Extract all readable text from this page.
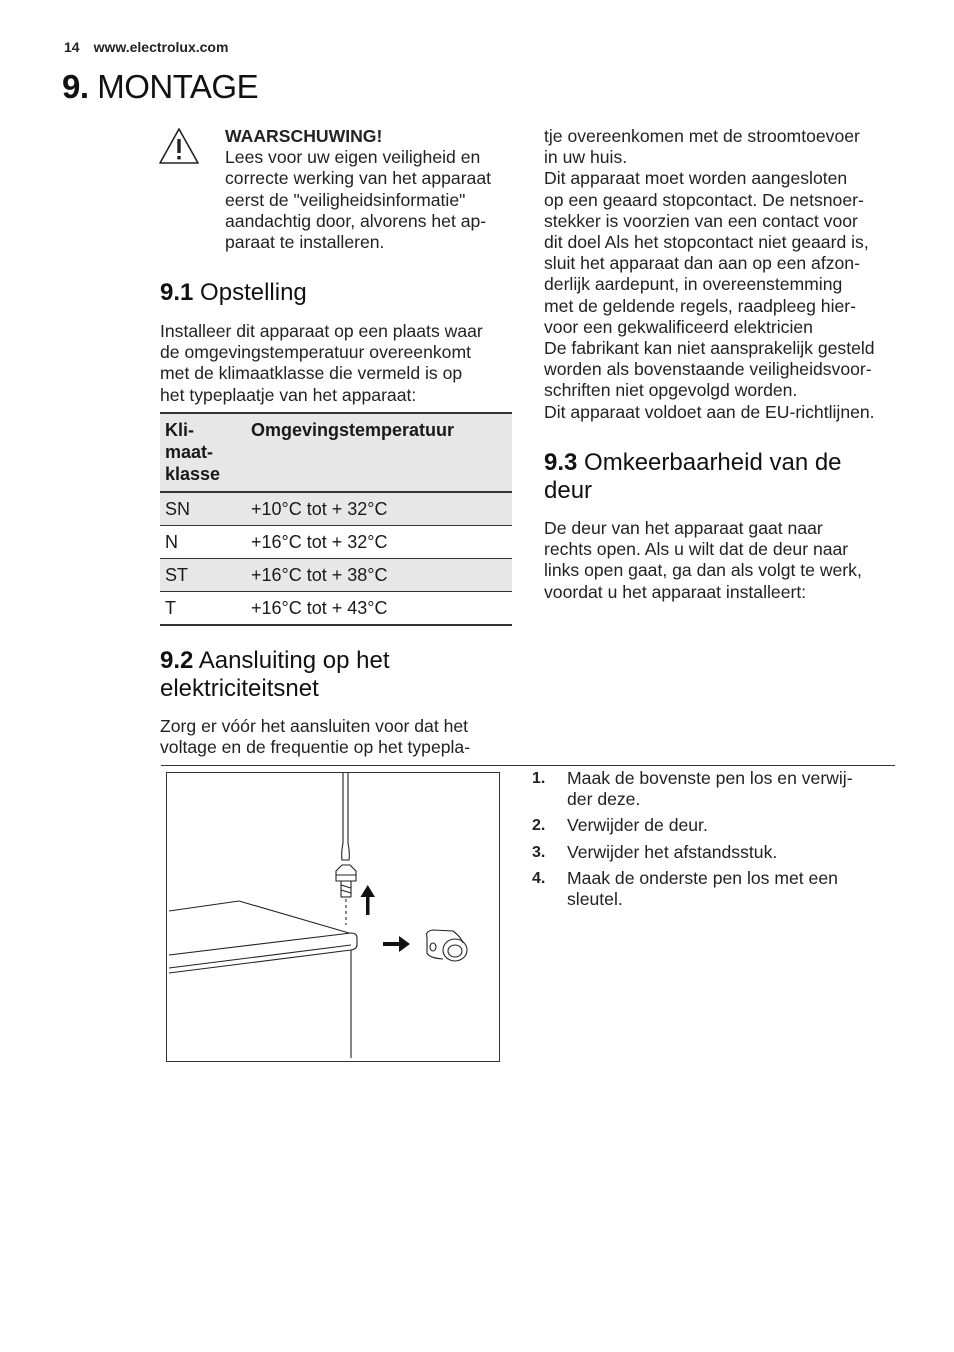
14 www.electrolux.com
9. MONTAGE
WAARSCHUWING!
Lees voor uw eigen veiligheid en
correcte werking van het apparaat
eerst de "veiligheidsinformatie"
aandachtig door, alvorens het ap-
paraat te installeren.
9.1 Opstelling
Installeer dit apparaat op een plaats waar
de omgevingstemperatuur overeenkomt
met de klimaatklasse die vermeld is op
het typeplaatje van het apparaat:
Kli-
maat-
klasse	Omgevingstemperatuur
SN	+10°C tot + 32°C
N	+16°C tot + 32°C
ST	+16°C tot + 38°C
T	+16°C tot + 43°C
9.2 Aansluiting op het
elektriciteitsnet
Zorg er vóór het aansluiten voor dat het
voltage en de frequentie op het typepla-
tje overeenkomen met de stroomtoevoer
in uw huis.
Dit apparaat moet worden aangesloten
op een geaard stopcontact. De netsnoer-
stekker is voorzien van een contact voor
dit doel Als het stopcontact niet geaard is,
sluit het apparaat dan aan op een afzon-
derlijk aardepunt, in overeenstemming
met de geldende regels, raadpleeg hier-
voor een gekwalificeerd elektricien
De fabrikant kan niet aansprakelijk gesteld
worden als bovenstaande veiligheidsvoor-
schriften niet opgevolgd worden.
Dit apparaat voldoet aan de EU-richtlijnen.
9.3 Omkeerbaarheid van de
deur
De deur van het apparaat gaat naar
rechts open. Als u wilt dat de deur naar
links open gaat, ga dan als volgt te werk,
voordat u het apparaat installeert:
1.	Maak de bovenste pen los en verwij-
der deze.
2.	Verwijder de deur.
3.	Verwijder het afstandsstuk.
4.	Maak de onderste pen los met een
sleutel.
